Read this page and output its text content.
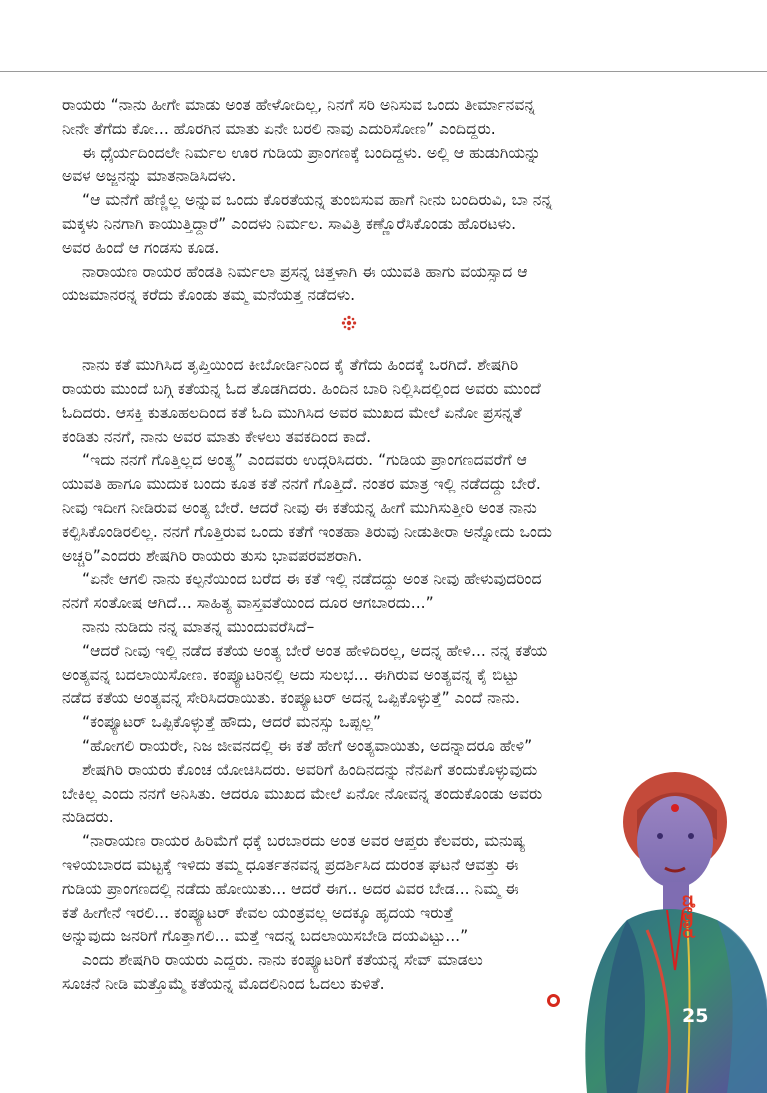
ರಾಯರು “ನಾನು ಹೀಗೇ ಮಾಡು ಅಂತ ಹೇಳೋದಿಲ್ಲ, ನಿನಗೆ ಸರಿ ಅನಿಸುವ ಒಂದು ತೀರ್ಮಾನವನ್ನ
ನೀನೇ ತೆಗೆದು ಕೋ... ಹೊರಗಿನ ಮಾತು ಏನೇ ಬರಲಿ ನಾವು ಎದುರಿಸೋಣ” ಎಂದಿದ್ದರು.
ಈ ಧೈರ್ಯದಿಂದಲೇ ನಿರ್ಮಲ ಊರ ಗುಡಿಯ ಪ್ರಾಂಗಣಕ್ಕೆ ಬಂದಿದ್ದಳು. ಅಲ್ಲಿ ಆ ಹುಡುಗಿಯನ್ನು
ಅವಳ ಅಜ್ಜನನ್ನು ಮಾತನಾಡಿಸಿದಳು.
“ಆ ಮನೆಗೆ ಹೆಣ್ಣಿಲ್ಲ ಅನ್ನುವ ಒಂದು ಕೊರತೆಯನ್ನ ತುಂಬಿಸುವ ಹಾಗೆ ನೀನು ಬಂದಿರುವಿ, ಬಾ ನನ್ನ
ಮಕ್ಕಳು ನಿನಗಾಗಿ ಕಾಯುತ್ತಿದ್ದಾರೆ” ಎಂದಳು ನಿರ್ಮಲ. ಸಾವಿತ್ರಿ ಕಣ್ಣೊರೆಸಿಕೊಂಡು ಹೊರಟಳು.
ಅವರ ಹಿಂದೆ ಆ ಗಂಡಸು ಕೂಡ.
ನಾರಾಯಣ ರಾಯರ ಹೆಂಡತಿ ನಿರ್ಮಲಾ ಪ್ರಸನ್ನ ಚಿತ್ತಳಾಗಿ ಈ ಯುವತಿ ಹಾಗು ವಯಸ್ಸಾದ ಆ
ಯಜಮಾನರನ್ನ ಕರೆದು ಕೊಂಡು ತಮ್ಮ ಮನೆಯತ್ತ ನಡೆದಳು.
ನಾನು ಕತೆ ಮುಗಿಸಿದ ತೃಪ್ತಿಯಿಂದ ಕೀಬೋರ್ಡಿನಿಂದ ಕೈ ತೆಗೆದು ಹಿಂದಕ್ಕೆ ಒರಗಿದೆ. ಶೇಷಗಿರಿ
ರಾಯರು ಮುಂದೆ ಬಗ್ಗಿ ಕತೆಯನ್ನ ಓದ ತೊಡಗಿದರು. ಹಿಂದಿನ ಬಾರಿ ನಿಲ್ಲಿಸಿದಲ್ಲಿಂದ ಅವರು ಮುಂದೆ
ಓದಿದರು. ಆಸಕ್ತಿ ಕುತೂಹಲದಿಂದ ಕತೆ ಓದಿ ಮುಗಿಸಿದ ಅವರ ಮುಖದ ಮೇಲೆ ಏನೋ ಪ್ರಸನ್ನತೆ
ಕಂಡಿತು ನನಗೆ, ನಾನು ಅವರ ಮಾತು ಕೇಳಲು ತವಕದಿಂದ ಕಾದೆ.
“ಇದು ನನಗೆ ಗೊತ್ತಿಲ್ಲದ ಅಂತ್ಯ” ಎಂದವರು ಉದ್ಗರಿಸಿದರು. “ಗುಡಿಯ ಪ್ರಾಂಗಣದವರೆಗೆ ಆ
ಯುವತಿ ಹಾಗೂ ಮುದುಕ ಬಂದು ಕೂತ ಕತೆ ನನಗೆ ಗೊತ್ತಿದೆ. ನಂತರ ಮಾತ್ರ ಇಲ್ಲಿ ನಡೆದದ್ದು ಬೇರೆ.
ನೀವು ಇದೀಗ ನೀಡಿರುವ ಅಂತ್ಯ ಬೇರೆ. ಆದರೆ ನೀವು ಈ ಕತೆಯನ್ನ ಹೀಗೆ ಮುಗಿಸುತ್ತೀರಿ ಅಂತ ನಾನು
ಕಲ್ಪಿಸಿಕೊಂಡಿರಲಿಲ್ಲ. ನನಗೆ ಗೊತ್ತಿರುವ ಒಂದು ಕತೆಗೆ ಇಂತಹಾ ತಿರುವು ನೀಡುತೀರಾ ಅನ್ನೋದು ಒಂದು
ಅಚ್ಚರಿ”ಎಂದರು ಶೇಷಗಿರಿ ರಾಯರು ತುಸು ಭಾವಪರವಶರಾಗಿ.
“ಏನೇ ಆಗಲಿ ನಾನು ಕಲ್ಪನೆಯಿಂದ ಬರೆದ ಈ ಕತೆ ಇಲ್ಲಿ ನಡೆದದ್ದು ಅಂತ ನೀವು ಹೇಳುವುದರಿಂದ
ನನಗೆ ಸಂತೋಷ ಆಗಿದೆ... ಸಾಹಿತ್ಯ ವಾಸ್ತವತೆಯಿಂದ ದೂರ ಆಗಬಾರದು...”
ನಾನು ನುಡಿದು ನನ್ನ ಮಾತನ್ನ ಮುಂದುವರೆಸಿದೆ–
“ಆದರೆ ನೀವು ಇಲ್ಲಿ ನಡೆದ ಕತೆಯ ಅಂತ್ಯ ಬೇರೆ ಅಂತ ಹೇಳಿದಿರಲ್ಲ, ಅದನ್ನ ಹೇಳಿ... ನನ್ನ ಕತೆಯ
ಅಂತ್ಯವನ್ನ ಬದಲಾಯಿಸೋಣ. ಕಂಪ್ಯೂಟರಿನಲ್ಲಿ ಅದು ಸುಲಭ... ಈಗಿರುವ ಅಂತ್ಯವನ್ನ ಕೈ ಬಿಟ್ಟು
ನಡೆದ ಕತೆಯ ಅಂತ್ಯವನ್ನ ಸೇರಿಸಿದರಾಯಿತು. ಕಂಪ್ಯೂಟರ್ ಅದನ್ನ ಒಪ್ಪಿಕೊಳ್ಳುತ್ತೆ” ಎಂದೆ ನಾನು.
“ಕಂಪ್ಯೂಟರ್ ಒಪ್ಪಿಕೊಳ್ಳುತ್ತೆ ಹೌದು, ಆದರೆ ಮನಸ್ಸು ಒಪ್ಪಲ್ಲ”
“ಹೋಗಲಿ ರಾಯರೇ, ನಿಜ ಜೀವನದಲ್ಲಿ ಈ ಕತೆ ಹೇಗೆ ಅಂತ್ಯವಾಯಿತು, ಅದನ್ನಾದರೂ ಹೇಳಿ”
ಶೇಷಗಿರಿ ರಾಯರು ಕೊಂಚ ಯೋಚಿಸಿದರು. ಅವರಿಗೆ ಹಿಂದಿನದನ್ನು ನೆನಪಿಗೆ ತಂದುಕೊಳ್ಳುವುದು
ಬೇಕಿಲ್ಲ ಎಂದು ನನಗೆ ಅನಿಸಿತು. ಆದರೂ ಮುಖದ ಮೇಲೆ ಏನೋ ನೋವನ್ನ ತಂದುಕೊಂಡು ಅವರು
ನುಡಿದರು.
“ನಾರಾಯಣ ರಾಯರ ಹಿರಿಮೆಗೆ ಧಕ್ಕೆ ಬರಬಾರದು ಅಂತ ಅವರ ಆಪ್ತರು ಕೆಲವರು, ಮನುಷ್ಯ
ಇಳಿಯಬಾರದ ಮಟ್ಟಕ್ಕೆ ಇಳಿದು ತಮ್ಮ ಧೂರ್ತತನವನ್ನ ಪ್ರದರ್ಶಿಸಿದ ದುರಂತ ಘಟನೆ ಆವತ್ತು ಈ
ಗುಡಿಯ ಪ್ರಾಂಗಣದಲ್ಲಿ ನಡೆದು ಹೋಯಿತು... ಆದರೆ ಈಗ.. ಅದರ ವಿವರ ಬೇಡ... ನಿಮ್ಮ ಈ
ಕತೆ ಹೀಗೇನೆ ಇರಲಿ... ಕಂಪ್ಯೂಟರ್ ಕೇವಲ ಯಂತ್ರವಲ್ಲ ಅದಕ್ಕೂ ಹೃದಯ ಇರುತ್ತೆ
ಅನ್ನುವುದು ಜನರಿಗೆ ಗೊತ್ತಾಗಲಿ... ಮತ್ತೆ ಇದನ್ನ ಬದಲಾಯಿಸಬೇಡಿ ದಯವಿಟ್ಟು...”
ಎಂದು ಶೇಷಗಿರಿ ರಾಯರು ಎದ್ದರು. ನಾನು ಕಂಪ್ಯೂಟರಿಗೆ ಕತೆಯನ್ನ ಸೇವ್ ಮಾಡಲು
ಸೂಚನೆ ನೀಡಿ ಮತ್ತೊಮ್ಮೆ ಕತೆಯನ್ನ ಮೊದಲಿನಿಂದ ಓದಲು ಕುಳಿತೆ.
ದೇಶಾರ
25
